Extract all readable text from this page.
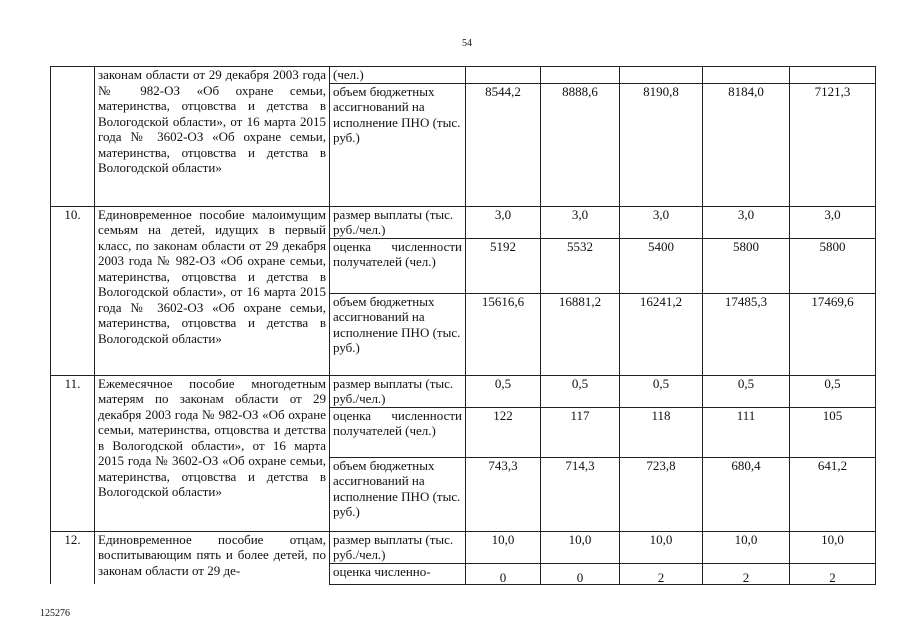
54
	законам области от 29 декабря 2003 года № 982-ОЗ «Об охране семьи, материнства, отцовства и детства в Вологодской области», от 16 марта 2015 года № 3602-ОЗ «Об охране семьи, материнства, отцовства и детства в Вологодской области»	(чел.)					
		объем бюджетных ассигнований на исполнение ПНО (тыс. руб.)	8544,2	8888,6	8190,8	8184,0	7121,3
10.	Единовременное пособие малоимущим семьям на детей, идущих в первый класс, по законам области от 29 декабря 2003 года № 982-ОЗ «Об охране семьи, материнства, отцовства и детства в Вологодской области», от 16 марта 2015 года № 3602-ОЗ «Об охране семьи, материнства, отцовства и детства в Вологодской области»	размер выплаты (тыс. руб./чел.)	3,0	3,0	3,0	3,0	3,0
		оценка численности получателей (чел.)	5192	5532	5400	5800	5800
		объем бюджетных ассигнований на исполнение ПНО (тыс. руб.)	15616,6	16881,2	16241,2	17485,3	17469,6
11.	Ежемесячное пособие многодетным матерям по законам области от 29 декабря 2003 года № 982-ОЗ «Об охране семьи, материнства, отцовства и детства в Вологодской области», от 16 марта 2015 года № 3602-ОЗ «Об охране семьи, материнства, отцовства и детства в Вологодской области»	размер выплаты (тыс. руб./чел.)	0,5	0,5	0,5	0,5	0,5
		оценка численности получателей (чел.)	122	117	118	111	105
		объем бюджетных ассигнований на исполнение ПНО (тыс. руб.)	743,3	714,3	723,8	680,4	641,2
12.	Единовременное пособие отцам, воспитывающим пять и более детей, по законам области от 29 де-	размер выплаты (тыс. руб./чел.)	10,0	10,0	10,0	10,0	10,0
		оценка численно-	0	0	2	2	2
125276
